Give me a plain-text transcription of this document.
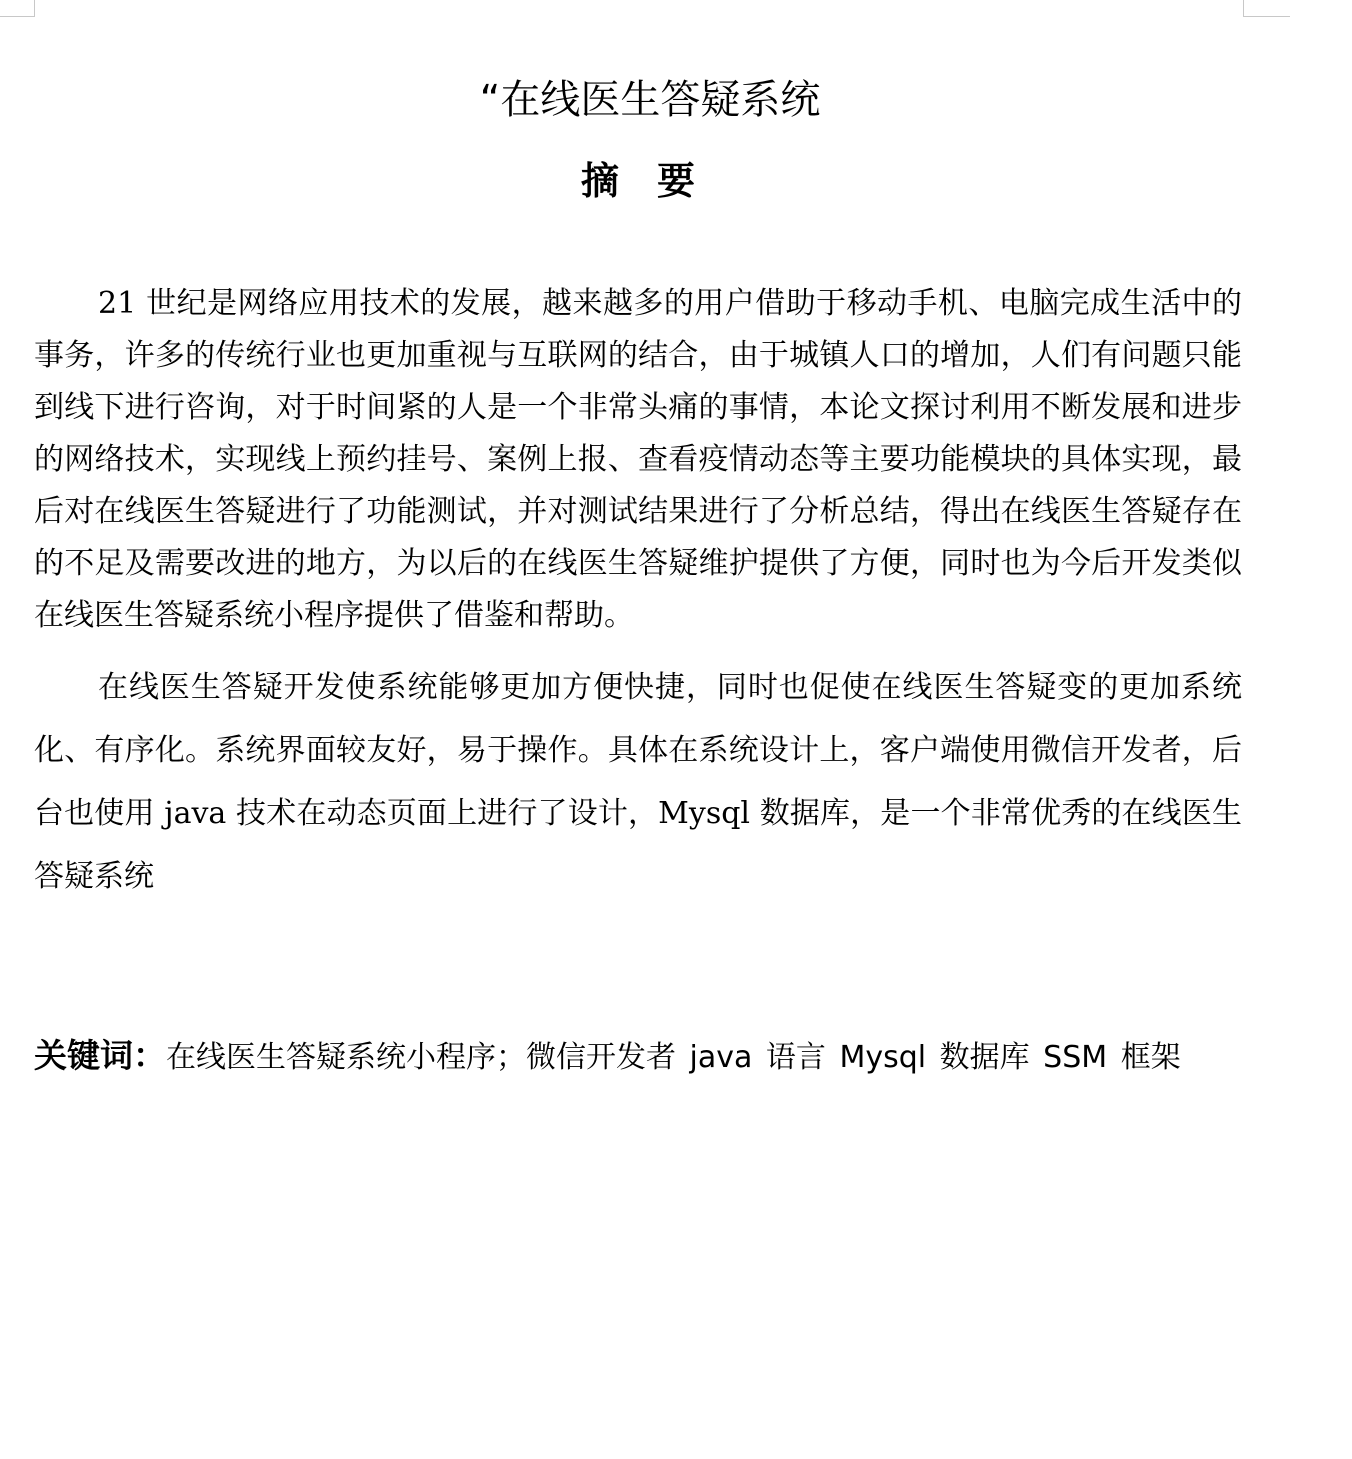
“在线医生答疑系统
摘　要

21 世纪是网络应用技术的发展，越来越多的用户借助于移动手机、电脑完成生活中的事务，许多的传统行业也更加重视与互联网的结合，由于城镇人口的增加，人们有问题只能到线下进行咨询，对于时间紧的人是一个非常头痛的事情，本论文探讨利用不断发展和进步的网络技术，实现线上预约挂号、案例上报、查看疫情动态等主要功能模块的具体实现，最后对在线医生答疑进行了功能测试，并对测试结果进行了分析总结，得出在线医生答疑存在的不足及需要改进的地方，为以后的在线医生答疑维护提供了方便，同时也为今后开发类似在线医生答疑系统小程序提供了借鉴和帮助。

在线医生答疑开发使系统能够更加方便快捷，同时也促使在线医生答疑变的更加系统化、有序化。系统界面较友好，易于操作。具体在系统设计上，客户端使用微信开发者，后台也使用 java 技术在动态页面上进行了设计，Mysql 数据库，是一个非常优秀的在线医生答疑系统

关键词：在线医生答疑系统小程序；微信开发者 java 语言 Mysql 数据库 SSM 框架
